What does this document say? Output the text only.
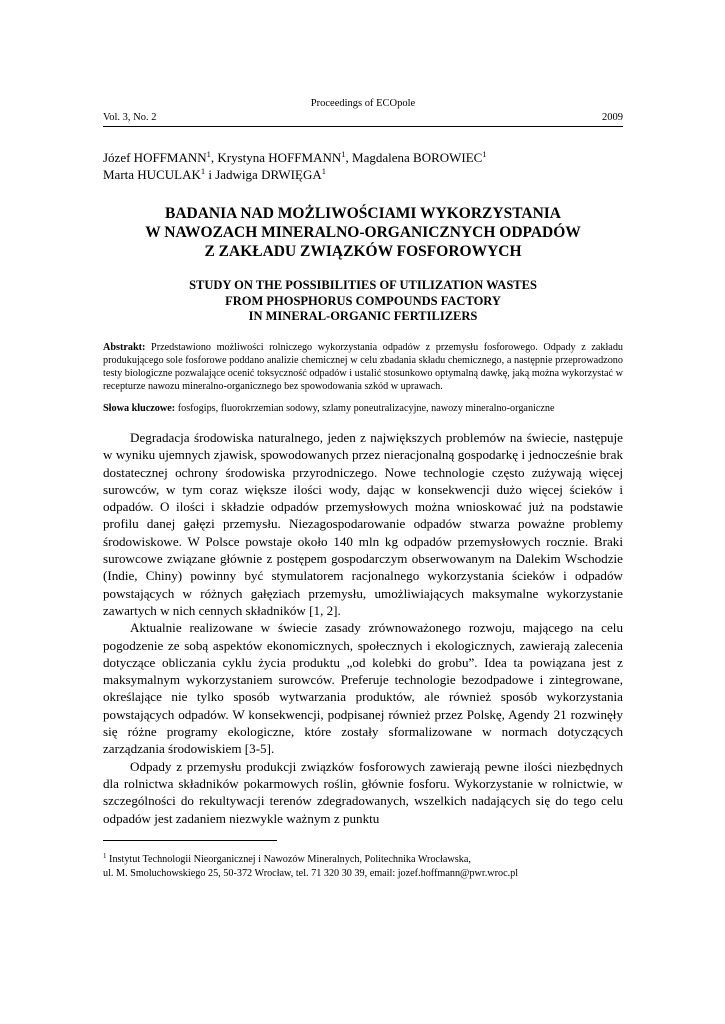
Proceedings of ECOpole
Vol. 3, No. 2	2009
Józef HOFFMANN$^1$, Krystyna HOFFMANN$^1$, Magdalena BOROWIEC$^1$
Marta HUCULAK$^1$ i Jadwiga DRWIĘGA$^1$
BADANIA NAD MOŻLIWOŚCIAMI WYKORZYSTANIA
W NAWOZACH MINERALNO-ORGANICZNYCH ODPADÓW
Z ZAKŁADU ZWIĄZKÓW FOSFOROWYCH
STUDY ON THE POSSIBILITIES OF UTILIZATION WASTES
FROM PHOSPHORUS COMPOUNDS FACTORY
IN MINERAL-ORGANIC FERTILIZERS
Abstrakt: Przedstawiono możliwości rolniczego wykorzystania odpadów z przemysłu fosforowego. Odpady z zakładu produkującego sole fosforowe poddano analizie chemicznej w celu zbadania składu chemicznego, a następnie przeprowadzono testy biologiczne pozwalające ocenić toksyczność odpadów i ustalić stosunkowo optymalną dawkę, jaką można wykorzystać w recepturze nawozu mineralno-organicznego bez spowodowania szkód w uprawach.
Słowa kluczowe: fosfogips, fluorokrzemian sodowy, szlamy poneutralizacyjne, nawozy mineralno-organiczne

Degradacja środowiska naturalnego, jeden z największych problemów na świecie, następuje w wyniku ujemnych zjawisk, spowodowanych przez nieracjonalną gospodarkę i jednocześnie brak dostatecznej ochrony środowiska przyrodniczego. Nowe technologie często zużywają więcej surowców, w tym coraz większe ilości wody, dając w konsekwencji dużo więcej ścieków i odpadów. O ilości i składzie odpadów przemysłowych można wnioskować już na podstawie profilu danej gałęzi przemysłu. Niezagospodarowanie odpadów stwarza poważne problemy środowiskowe. W Polsce powstaje około 140 mln kg odpadów przemysłowych rocznie. Braki surowcowe związane głównie z postępem gospodarczym obserwowanym na Dalekim Wschodzie (Indie, Chiny) powinny być stymulatorem racjonalnego wykorzystania ścieków i odpadów powstających w różnych gałęziach przemysłu, umożliwiających maksymalne wykorzystanie zawartych w nich cennych składników [1, 2].

Aktualnie realizowane w świecie zasady zrównoważonego rozwoju, mającego na celu pogodzenie ze sobą aspektów ekonomicznych, społecznych i ekologicznych, zawierają zalecenia dotyczące obliczania cyklu życia produktu „od kolebki do grobu”. Idea ta powiązana jest z maksymalnym wykorzystaniem surowców. Preferuje technologie bezodpadowe i zintegrowane, określające nie tylko sposób wytwarzania produktów, ale również sposób wykorzystania powstających odpadów. W konsekwencji, podpisanej również przez Polskę, Agendy 21 rozwinęły się różne programy ekologiczne, które zostały sformalizowane w normach dotyczących zarządzania środowiskiem [3-5].

Odpady z przemysłu produkcji związków fosforowych zawierają pewne ilości niezbędnych dla rolnictwa składników pokarmowych roślin, głównie fosforu. Wykorzystanie w rolnictwie, w szczególności do rekultywacji terenów zdegradowanych, wszelkich nadających się do tego celu odpadów jest zadaniem niezwykle ważnym z punktu

$^1$ Instytut Technologii Nieorganicznej i Nawozów Mineralnych, Politechnika Wrocławska,
ul. M. Smoluchowskiego 25, 50-372 Wrocław, tel. 71 320 30 39, email: jozef.hoffmann@pwr.wroc.pl
